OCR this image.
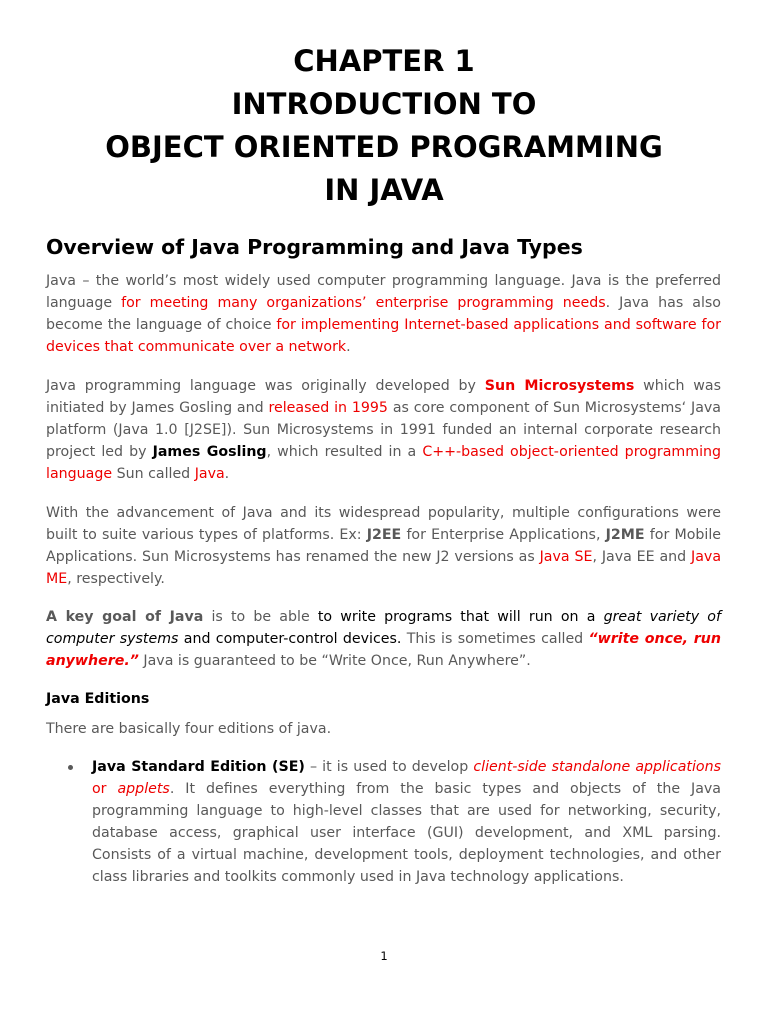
CHAPTER 1
INTRODUCTION TO
OBJECT ORIENTED PROGRAMMING
IN JAVA
Overview of Java Programming and Java Types

Java – the world’s most widely used computer programming language. Java is the preferred language for meeting many organizations’ enterprise programming needs. Java has also become the language of choice for implementing Internet-based applications and software for devices that communicate over a network.

Java programming language was originally developed by Sun Microsystems which was initiated by James Gosling and released in 1995 as core component of Sun Microsystems‘ Java platform (Java 1.0 [J2SE]). Sun Microsystems in 1991 funded an internal corporate research project led by James Gosling, which resulted in a C++-based object-oriented programming language Sun called Java.

With the advancement of Java and its widespread popularity, multiple configurations were built to suite various types of platforms. Ex: J2EE for Enterprise Applications, J2ME for Mobile Applications. Sun Microsystems has renamed the new J2 versions as Java SE, Java EE and Java ME, respectively.

A key goal of Java is to be able to write programs that will run on a great variety of computer systems and computer-control devices. This is sometimes called “write once, run anywhere.” Java is guaranteed to be “Write Once, Run Anywhere”.

Java Editions

There are basically four editions of java.

Java Standard Edition (SE) – it is used to develop client-side standalone applications or applets. It defines everything from the basic types and objects of the Java programming language to high-level classes that are used for networking, security, database access, graphical user interface (GUI) development, and XML parsing. Consists of a virtual machine, development tools, deployment technologies, and other class libraries and toolkits commonly used in Java technology applications.

1
